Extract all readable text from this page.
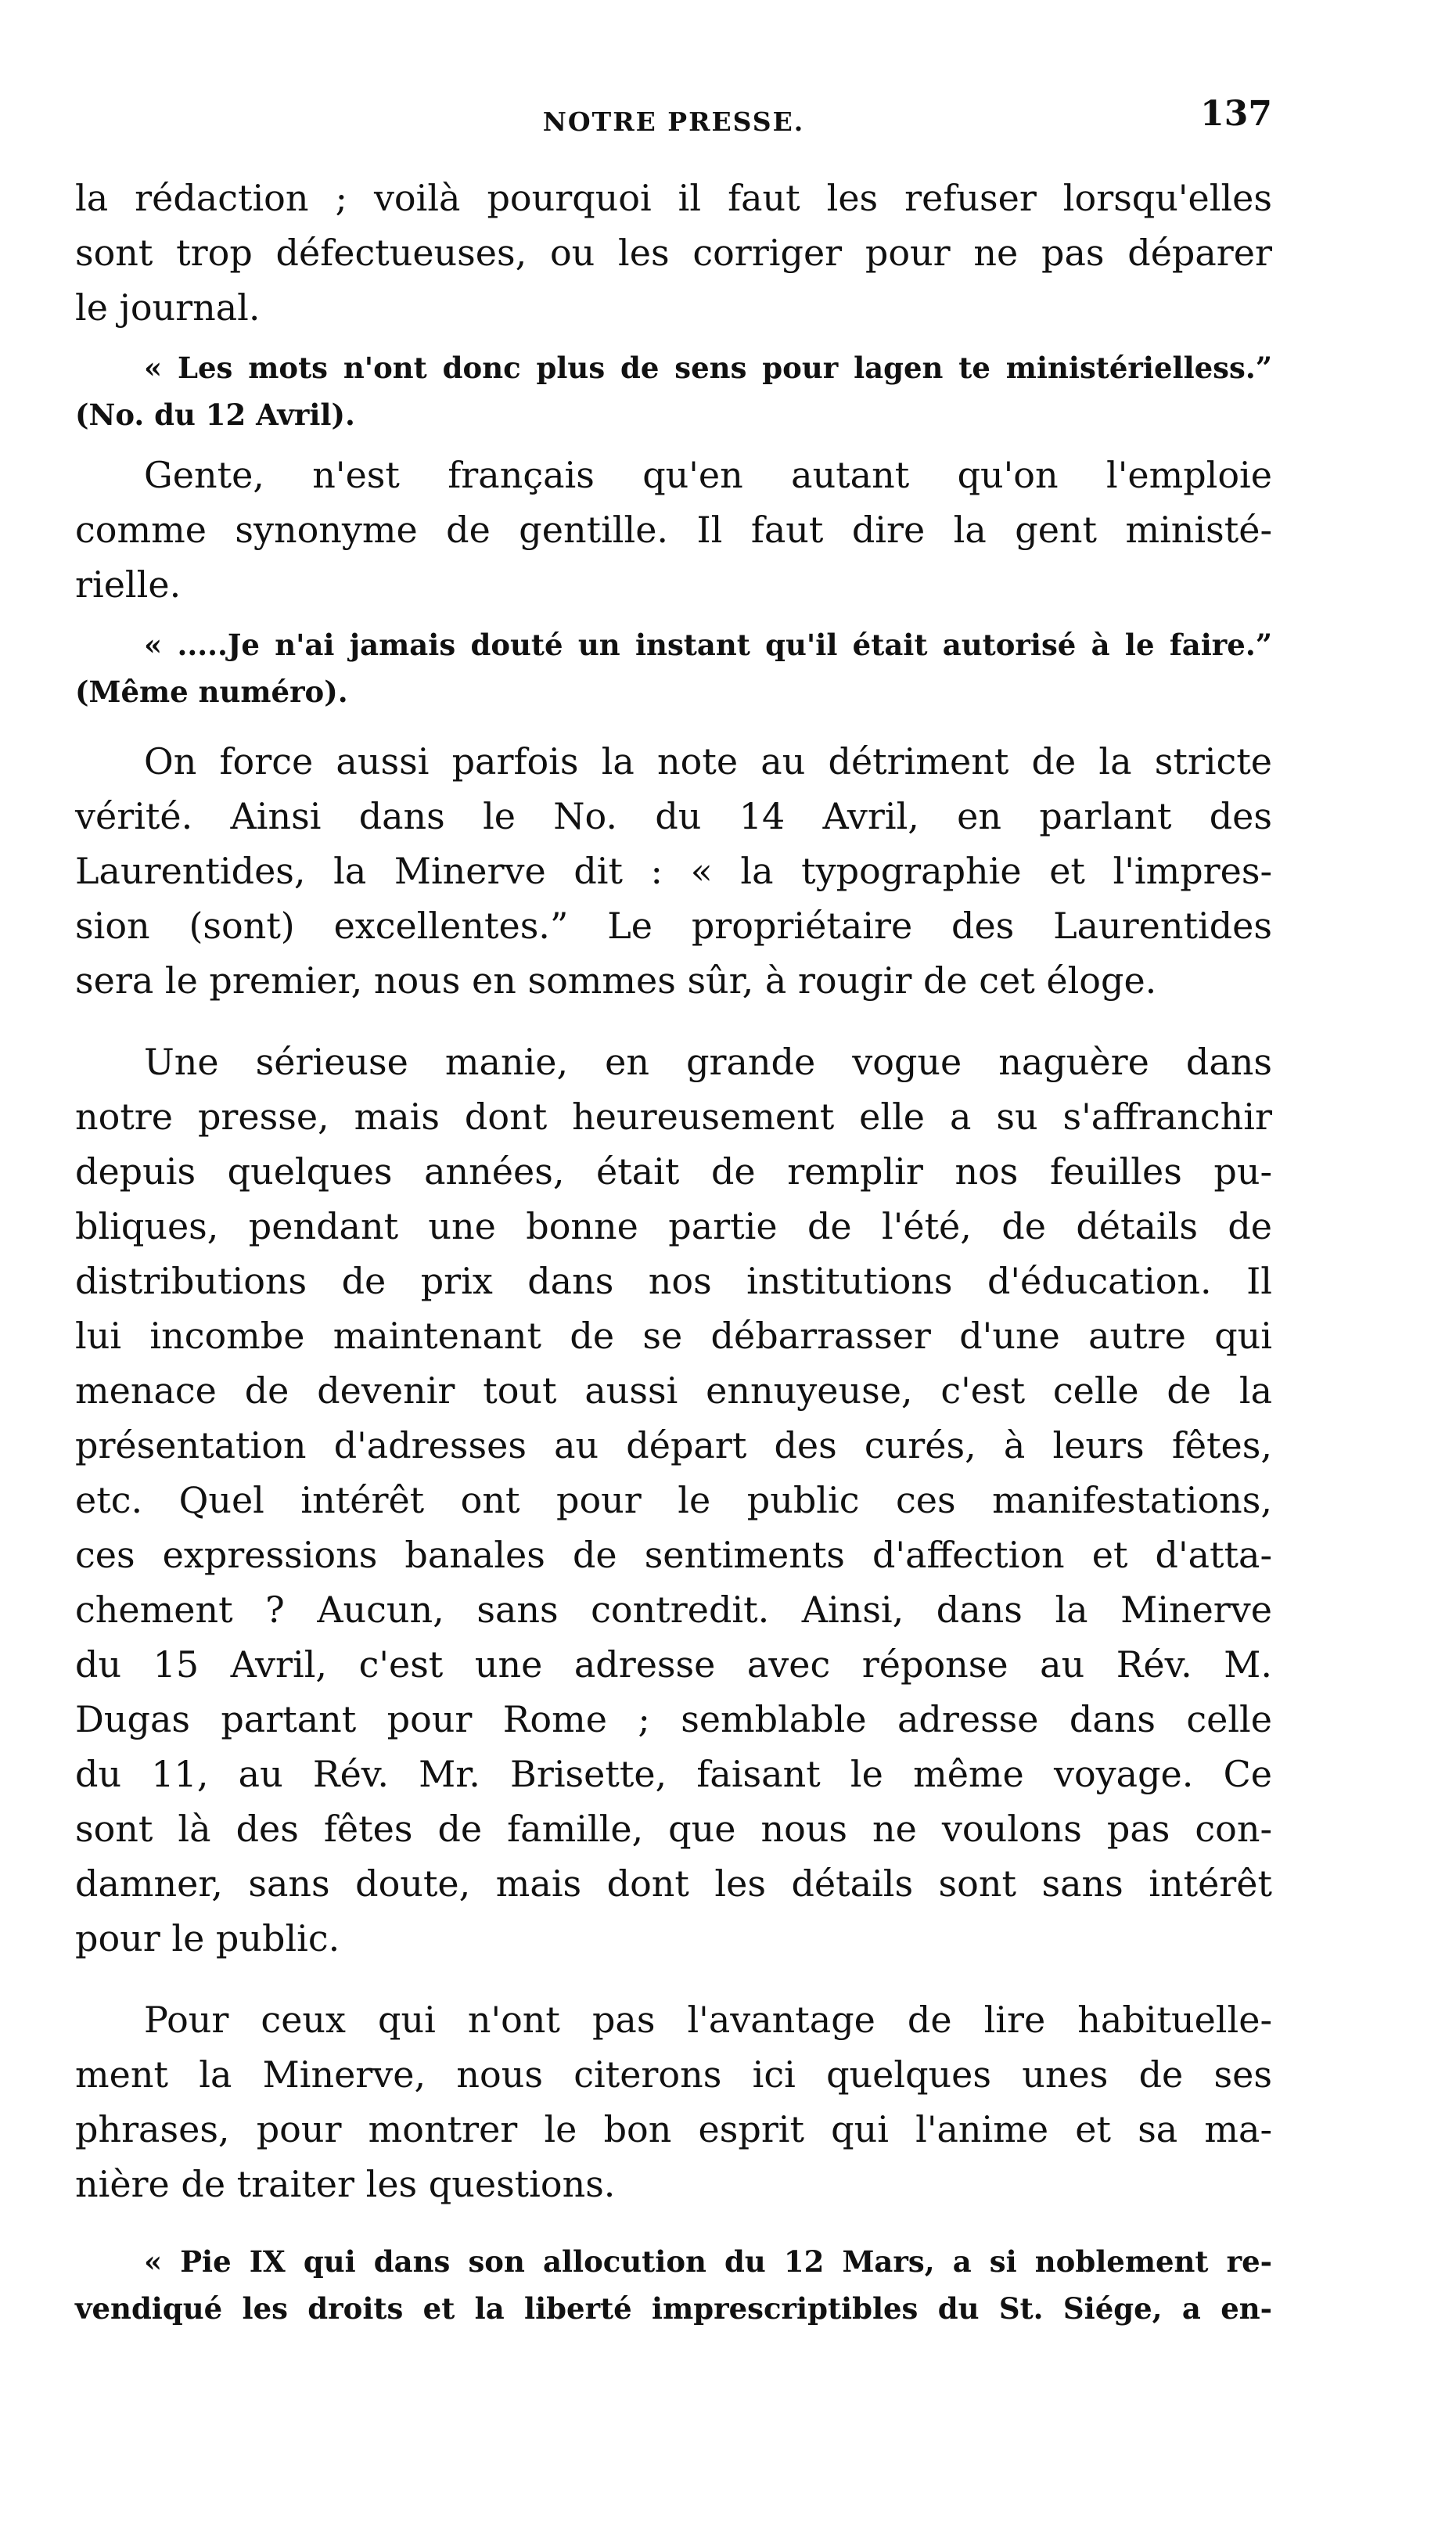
NOTRE PRESSE.	137
la rédaction ; voilà pourquoi il faut les refuser lorsqu'elles
sont trop défectueuses, ou les corriger pour ne pas déparer
le journal.
« Les mots n'ont donc plus de sens pour lagen te ministérielless.”
(No. du 12 Avril).
Gente, n'est français qu'en autant qu'on l'emploie
comme synonyme de gentille. Il faut dire la gent ministé-
rielle.
« .....Je n'ai jamais douté un instant qu'il était autorisé à le faire.”
(Même numéro).
On force aussi parfois la note au détriment de la stricte
vérité. Ainsi dans le No. du 14 Avril, en parlant des
Laurentides, la Minerve dit : « la typographie et l'impres-
sion (sont) excellentes.” Le propriétaire des Laurentides
sera le premier, nous en sommes sûr, à rougir de cet éloge.
Une sérieuse manie, en grande vogue naguère dans
notre presse, mais dont heureusement elle a su s'affranchir
depuis quelques années, était de remplir nos feuilles pu-
bliques, pendant une bonne partie de l'été, de détails de
distributions de prix dans nos institutions d'éducation. Il
lui incombe maintenant de se débarrasser d'une autre qui
menace de devenir tout aussi ennuyeuse, c'est celle de la
présentation d'adresses au départ des curés, à leurs fêtes,
etc. Quel intérêt ont pour le public ces manifestations,
ces expressions banales de sentiments d'affection et d'atta-
chement ? Aucun, sans contredit. Ainsi, dans la Minerve
du 15 Avril, c'est une adresse avec réponse au Rév. M.
Dugas partant pour Rome ; semblable adresse dans celle
du 11, au Rév. Mr. Brisette, faisant le même voyage. Ce
sont là des fêtes de famille, que nous ne voulons pas con-
damner, sans doute, mais dont les détails sont sans intérêt
pour le public.
Pour ceux qui n'ont pas l'avantage de lire habituelle-
ment la Minerve, nous citerons ici quelques unes de ses
phrases, pour montrer le bon esprit qui l'anime et sa ma-
nière de traiter les questions.
« Pie IX qui dans son allocution du 12 Mars, a si noblement re-
vendiqué les droits et la liberté imprescriptibles du St. Siége, a en-
